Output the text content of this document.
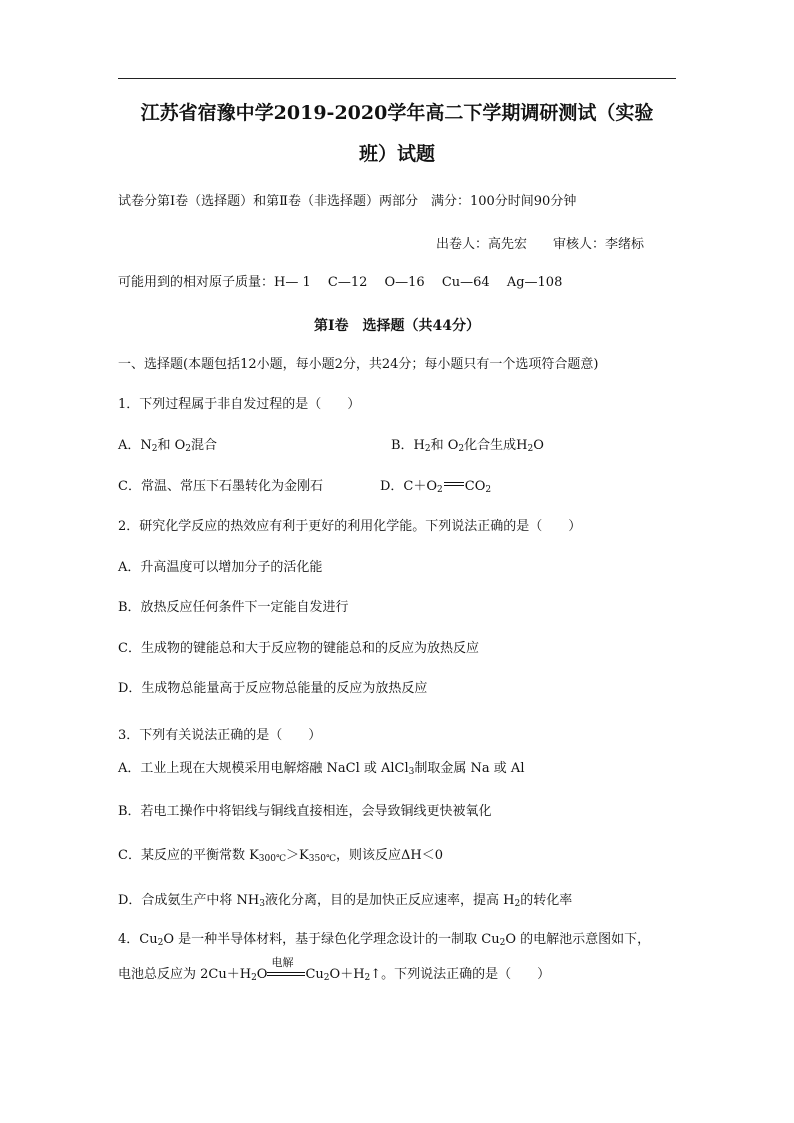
江苏省宿豫中学2019-2020学年高二下学期调研测试（实验
班）试题
试卷分第Ⅰ卷（选择题）和第Ⅱ卷（非选择题）两部分　满分：100分时间90分钟
出卷人：高先宏　　审核人：李绪标
可能用到的相对原子质量：H— 1　 C—12　 O—16　 Cu—64　 Ag—108
第Ⅰ卷　选择题（共44分）
一、选择题(本题包括12小题，每小题2分，共24分；每小题只有一个选项符合题意)
1．下列过程属于非自发过程的是（　　）
A．$N_2$和 $O_2$混合	B．$H_2$和 $O_2$化合生成$H_2O$
C．常温、常压下石墨转化为金刚石	D．$C+O_2$ $CO_2$
2．研究化学反应的热效应有利于更好的利用化学能。下列说法正确的是（　　）
A．升高温度可以增加分子的活化能
B．放热反应任何条件下一定能自发进行
C．生成物的键能总和大于反应物的键能总和的反应为放热反应
D．生成物总能量高于反应物总能量的反应为放热反应
3．下列有关说法正确的是（　　）
A．工业上现在大规模采用电解熔融 NaCl 或 AlCl$_3$制取金属 Na 或 Al
B．若电工操作中将铝线与铜线直接相连，会导致铜线更快被氧化
C．某反应的平衡常数 $K_{300℃}>K_{350℃}$，则该反应ΔH＜0
D．合成氨生产中将 $NH_3$液化分离，目的是加快正反应速率，提高 $H_2$的转化率
4．$Cu_2O$ 是一种半导体材料，基于绿色化学理念设计的一制取 $Cu_2O$ 的电解池示意图如下，
电池总反应为 $2Cu+H_2O$
电解
$Cu_2O+H_2↑$。下列说法正确的是（　　）
